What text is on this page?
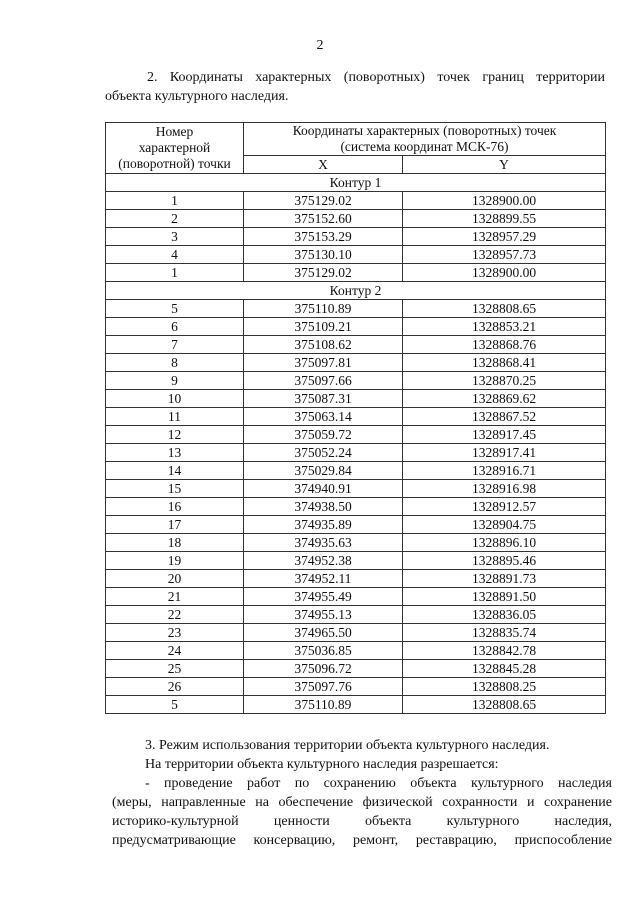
2

2. Координаты характерных (поворотных) точек границ территории

объекта культурного наследия.

Номер
характерной
(поворотной) точки	Координаты характерных (поворотных) точек
(система координат МСК-76)	

	X	Y
Контур 1		
1	375129.02	1328900.00
2	375152.60	1328899.55
3	375153.29	1328957.29
4	375130.10	1328957.73
1	375129.02	1328900.00
Контур 2		
5	375110.89	1328808.65
6	375109.21	1328853.21
7	375108.62	1328868.76
8	375097.81	1328868.41
9	375097.66	1328870.25
10	375087.31	1328869.62
11	375063.14	1328867.52
12	375059.72	1328917.45
13	375052.24	1328917.41
14	375029.84	1328916.71
15	374940.91	1328916.98
16	374938.50	1328912.57
17	374935.89	1328904.75
18	374935.63	1328896.10
19	374952.38	1328895.46
20	374952.11	1328891.73
21	374955.49	1328891.50
22	374955.13	1328836.05
23	374965.50	1328835.74
24	375036.85	1328842.78
25	375096.72	1328845.28
26	375097.76	1328808.25
5	375110.89	1328808.65

3. Режим использования территории объекта культурного наследия.

На территории объекта культурного наследия разрешается:

- проведение работ по сохранению объекта культурного наследия

(меры, направленные на обеспечение физической сохранности и сохранение

историко-культурной ценности объекта культурного наследия,

предусматривающие консервацию, ремонт, реставрацию, приспособление
